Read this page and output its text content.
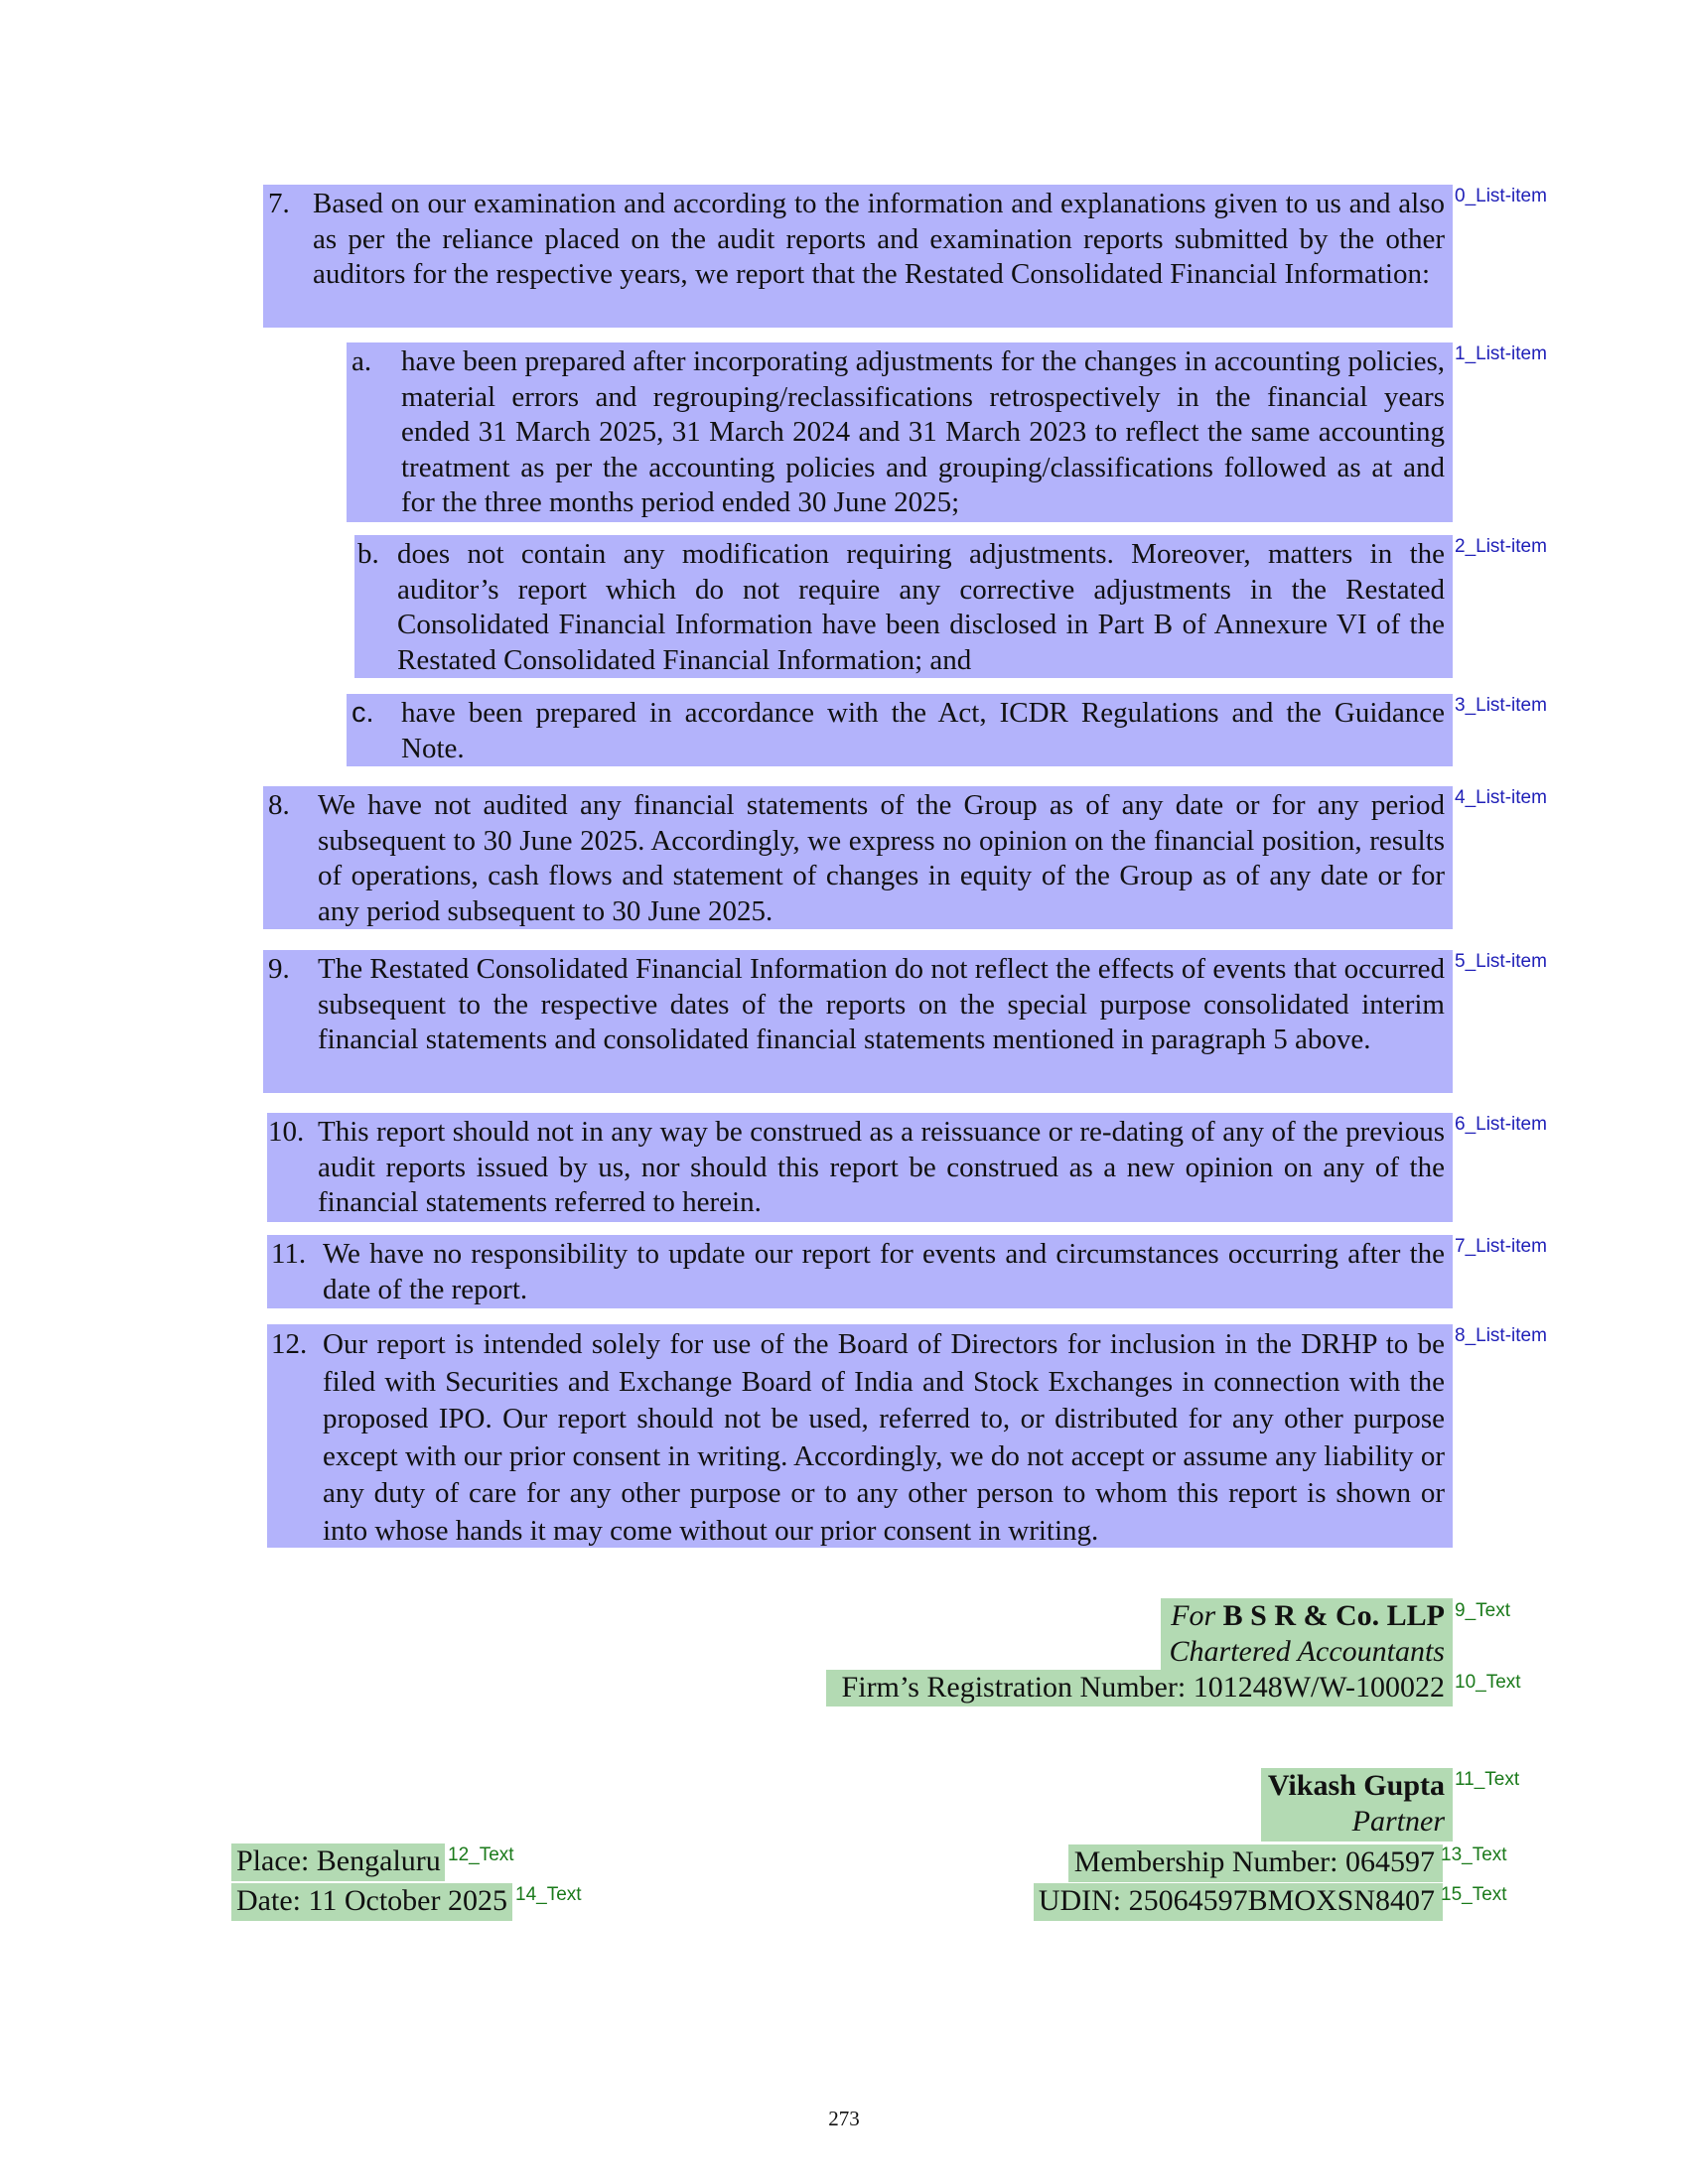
7. Based on our examination and according to the information and explanations given to us and also as per the reliance placed on the audit reports and examination reports submitted by the other auditors for the respective years, we report that the Restated Consolidated Financial Information:
0_List-item
a. have been prepared after incorporating adjustments for the changes in accounting policies, material errors and regrouping/reclassifications retrospectively in the financial years ended 31 March 2025, 31 March 2024 and 31 March 2023 to reflect the same accounting treatment as per the accounting policies and grouping/classifications followed as at and for the three months period ended 30 June 2025;
1_List-item
b. does not contain any modification requiring adjustments. Moreover, matters in the auditor’s report which do not require any corrective adjustments in the Restated Consolidated Financial Information have been disclosed in Part B of Annexure VI of the Restated Consolidated Financial Information; and
2_List-item
c. have been prepared in accordance with the Act, ICDR Regulations and the Guidance Note.
3_List-item
8. We have not audited any financial statements of the Group as of any date or for any period subsequent to 30 June 2025. Accordingly, we express no opinion on the financial position, results of operations, cash flows and statement of changes in equity of the Group as of any date or for any period subsequent to 30 June 2025.
4_List-item
9. The Restated Consolidated Financial Information do not reflect the effects of events that occurred subsequent to the respective dates of the reports on the special purpose consolidated interim financial statements and consolidated financial statements mentioned in paragraph 5 above.
5_List-item
10. This report should not in any way be construed as a reissuance or re-dating of any of the previous audit reports issued by us, nor should this report be construed as a new opinion on any of the financial statements referred to herein.
6_List-item
11. We have no responsibility to update our report for events and circumstances occurring after the date of the report.
7_List-item
12. Our report is intended solely for use of the Board of Directors for inclusion in the DRHP to be filed with Securities and Exchange Board of India and Stock Exchanges in connection with the proposed IPO. Our report should not be used, referred to, or distributed for any other purpose except with our prior consent in writing. Accordingly, we do not accept or assume any liability or any duty of care for any other purpose or to any other person to whom this report is shown or into whose hands it may come without our prior consent in writing.
8_List-item
For B S R & Co. LLP
Chartered Accountants
9_Text
Firm’s Registration Number: 101248W/W-100022 10_Text
Vikash Gupta
Partner
11_Text
Membership Number: 064597 13_Text
UDIN: 25064597BMOXSN8407 15_Text
Place: Bengaluru 12_Text
Date: 11 October 2025 14_Text
273
